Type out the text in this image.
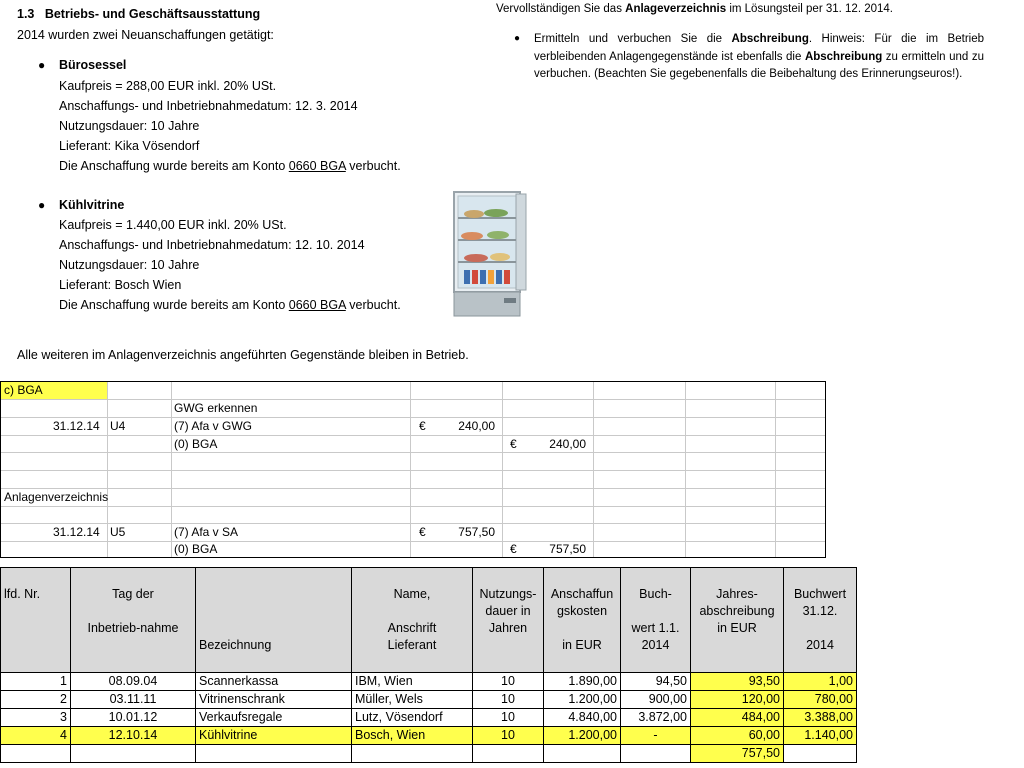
1.3 Betriebs- und Geschäftsausstattung
2014 wurden zwei Neuanschaffungen getätigt:
● Bürosessel
Kaufpreis = 288,00 EUR inkl. 20% USt.
Anschaffungs- und Inbetriebnahmedatum: 12. 3. 2014
Nutzungsdauer: 10 Jahre
Lieferant: Kika Vösendorf
Die Anschaffung wurde bereits am Konto 0660 BGA verbucht.
● Kühlvitrine
Kaufpreis = 1.440,00 EUR inkl. 20% USt.
Anschaffungs- und Inbetriebnahmedatum: 12. 10. 2014
Nutzungsdauer: 10 Jahre
Lieferant: Bosch Wien
Die Anschaffung wurde bereits am Konto 0660 BGA verbucht.
Alle weiteren im Anlagenverzeichnis angeführten Gegenstände bleiben in Betrieb.
Vervollständigen Sie das Anlageverzeichnis im Lösungsteil per 31. 12. 2014.
● Ermitteln und verbuchen Sie die Abschreibung. Hinweis: Für die im Betrieb verbleibenden Anlagengegenstände ist ebenfalls die Abschreibung zu ermitteln und zu verbuchen. (Beachten Sie gegebenenfalls die Beibehaltung des Erinnerungseuros!).
c) BGA
GWG erkennen
31.12.14 U4	(7) Afa v GWG	€	240,00
(0) BGA	€	240,00
Anlagenverzeichnis
31.12.14 U5	(7) Afa v SA	€	757,50
(0) BGA	€	757,50
lfd. Nr.	Tag der

Inbetrieb-nahme	

Bezeichnung	Name,

Anschrift
Lieferant	Nutzungs-dauer in Jahren	Anschaffun gskosten

in EUR	Buch-

wert 1.1.
2014	Jahres-abschreibung in EUR	Buchwert 31.12.

2014

1	08.09.04	Scannerkassa	IBM, Wien	10	1.890,00	94,50	93,50	1,00
2	03.11.11	Vitrinenschrank	Müller, Wels	10	1.200,00	900,00	120,00	780,00
3	10.01.12	Verkaufsregale	Lutz, Vösendorf	10	4.840,00	3.872,00	484,00	3.388,00
4	12.10.14	Kühlvitrine	Bosch, Wien	10	1.200,00	-	60,00	1.140,00
							757,50	
